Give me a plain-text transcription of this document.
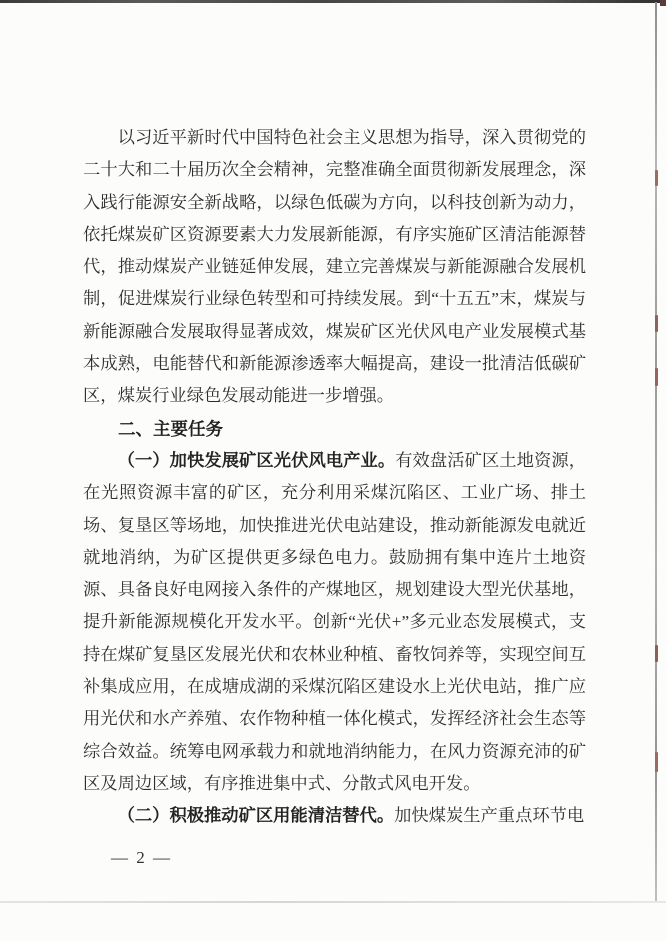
以习近平新时代中国特色社会主义思想为指导，深入贯彻党的二十大和二十届历次全会精神，完整准确全面贯彻新发展理念，深入践行能源安全新战略，以绿色低碳为方向，以科技创新为动力，依托煤炭矿区资源要素大力发展新能源，有序实施矿区清洁能源替代，推动煤炭产业链延伸发展，建立完善煤炭与新能源融合发展机制，促进煤炭行业绿色转型和可持续发展。到“十五五”末，煤炭与新能源融合发展取得显著成效，煤炭矿区光伏风电产业发展模式基本成熟，电能替代和新能源渗透率大幅提高，建设一批清洁低碳矿区，煤炭行业绿色发展动能进一步增强。

二、主要任务

（一）加快发展矿区光伏风电产业。有效盘活矿区土地资源，在光照资源丰富的矿区，充分利用采煤沉陷区、工业广场、排土场、复垦区等场地，加快推进光伏电站建设，推动新能源发电就近就地消纳，为矿区提供更多绿色电力。鼓励拥有集中连片土地资源、具备良好电网接入条件的产煤地区，规划建设大型光伏基地，提升新能源规模化开发水平。创新“光伏+”多元业态发展模式，支持在煤矿复垦区发展光伏和农林业种植、畜牧饲养等，实现空间互补集成应用，在成塘成湖的采煤沉陷区建设水上光伏电站，推广应用光伏和水产养殖、农作物种植一体化模式，发挥经济社会生态等综合效益。统筹电网承载力和就地消纳能力，在风力资源充沛的矿区及周边区域，有序推进集中式、分散式风电开发。

（二）积极推动矿区用能清洁替代。加快煤炭生产重点环节电

— 2 —
